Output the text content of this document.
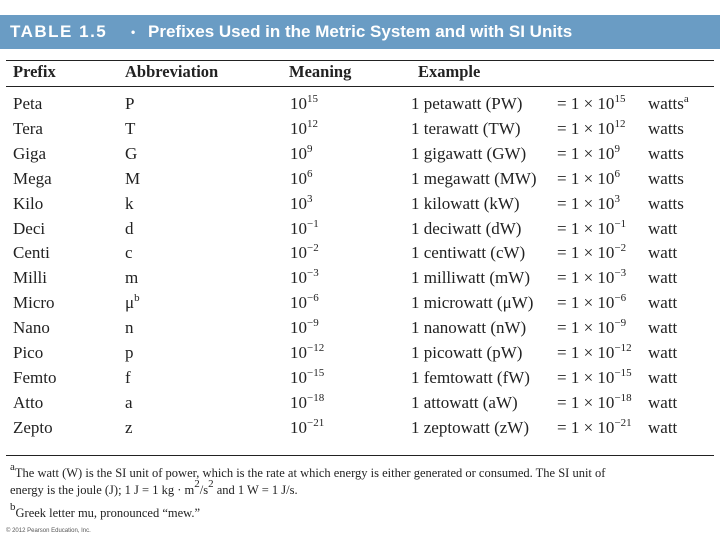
TABLE 1.5 • Prefixes Used in the Metric System and with SI Units
Prefix	Abbreviation	Meaning	Example
Peta	P	$10^{15}$	1 petawatt $(PW) = 1 \times 10^{15}$ watts$^a$
Tera	T	$10^{12}$	1 terawatt $(TW) = 1 \times 10^{12}$ watts
Giga	G	$10^9$	1 gigawatt $(GW) = 1 \times 10^9$ watts
Mega	M	$10^6$	1 megawatt $(MW) = 1 \times 10^6$ watts
Kilo	k	$10^3$	1 kilowatt $(kW) = 1 \times 10^3$ watts
Deci	d	$10^{-1}$	1 deciwatt $(dW) = 1 \times 10^{-1}$ watt
Centi	c	$10^{-2}$	1 centiwatt $(cW) = 1 \times 10^{-2}$ watt
Milli	m	$10^{-3}$	1 milliwatt $(mW) = 1 \times 10^{-3}$ watt
Micro	$\mu^b$	$10^{-6}$	1 microwatt $(\mu W) = 1 \times 10^{-6}$ watt
Nano	n	$10^{-9}$	1 nanowatt $(nW) = 1 \times 10^{-9}$ watt
Pico	p	$10^{-12}$	1 picowatt $(pW) = 1 \times 10^{-12}$ watt
Femto	f	$10^{-15}$	1 femtowatt $(fW) = 1 \times 10^{-15}$ watt
Atto	a	$10^{-18}$	1 attowatt $(aW) = 1 \times 10^{-18}$ watt
Zepto	z	$10^{-21}$	1 zeptowatt $(zW) = 1 \times 10^{-21}$ watt
$^a$The watt (W) is the SI unit of power, which is the rate at which energy is either generated or consumed. The SI unit of
energy is the joule (J); 1 J = 1 kg · $m^2/s^2$ and 1 W = 1 J/s.
$^b$Greek letter mu, pronounced “mew.”
© 2012 Pearson Education, Inc.
